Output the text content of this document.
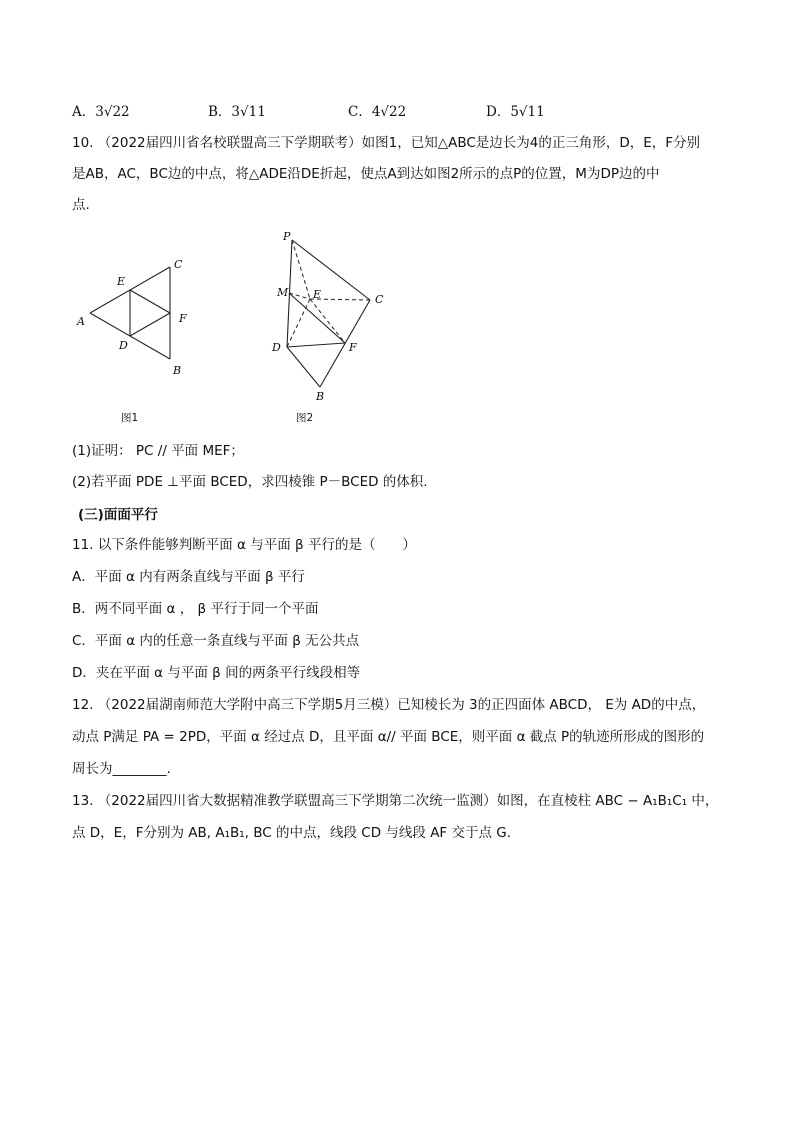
A．3√22	B．3√11	C．4√22	D．5√11
10. （2022届四川省名校联盟高三下学期联考）如图1，已知△ABC是边长为4的正三角形，D，E，F分别
是AB，AC，BC边的中点，将△ADE沿DE折起，使点A到达如图2所示的点P的位置，M为DP边的中
点.
E
C
A	F
D
B
图1
P
M E	C
D	F
B
图2
(1)证明： PC // 平面 MEF；
(2)若平面 PDE ⊥平面 BCED，求四棱锥 P－BCED 的体积.
(三)面面平行
11. 以下条件能够判断平面 α 与平面 β 平行的是（　　）
A．平面 α 内有两条直线与平面 β 平行
B．两不同平面 α ， β 平行于同一个平面
C．平面 α 内的任意一条直线与平面 β 无公共点
D．夹在平面 α 与平面 β 间的两条平行线段相等
12. （2022届湖南师范大学附中高三下学期5月三模）已知棱长为 3的正四面体 ABCD， E为 AD的中点，
动点 P满足 PA = 2PD，平面 α 经过点 D，且平面 α// 平面 BCE，则平面 α 截点 P的轨迹所形成的图形的
周长为________.
13. （2022届四川省大数据精准教学联盟高三下学期第二次统一监测）如图，在直棱柱 ABC − A₁B₁C₁ 中，
点 D，E，F分别为 AB, A₁B₁, BC 的中点，线段 CD 与线段 AF 交于点 G.
